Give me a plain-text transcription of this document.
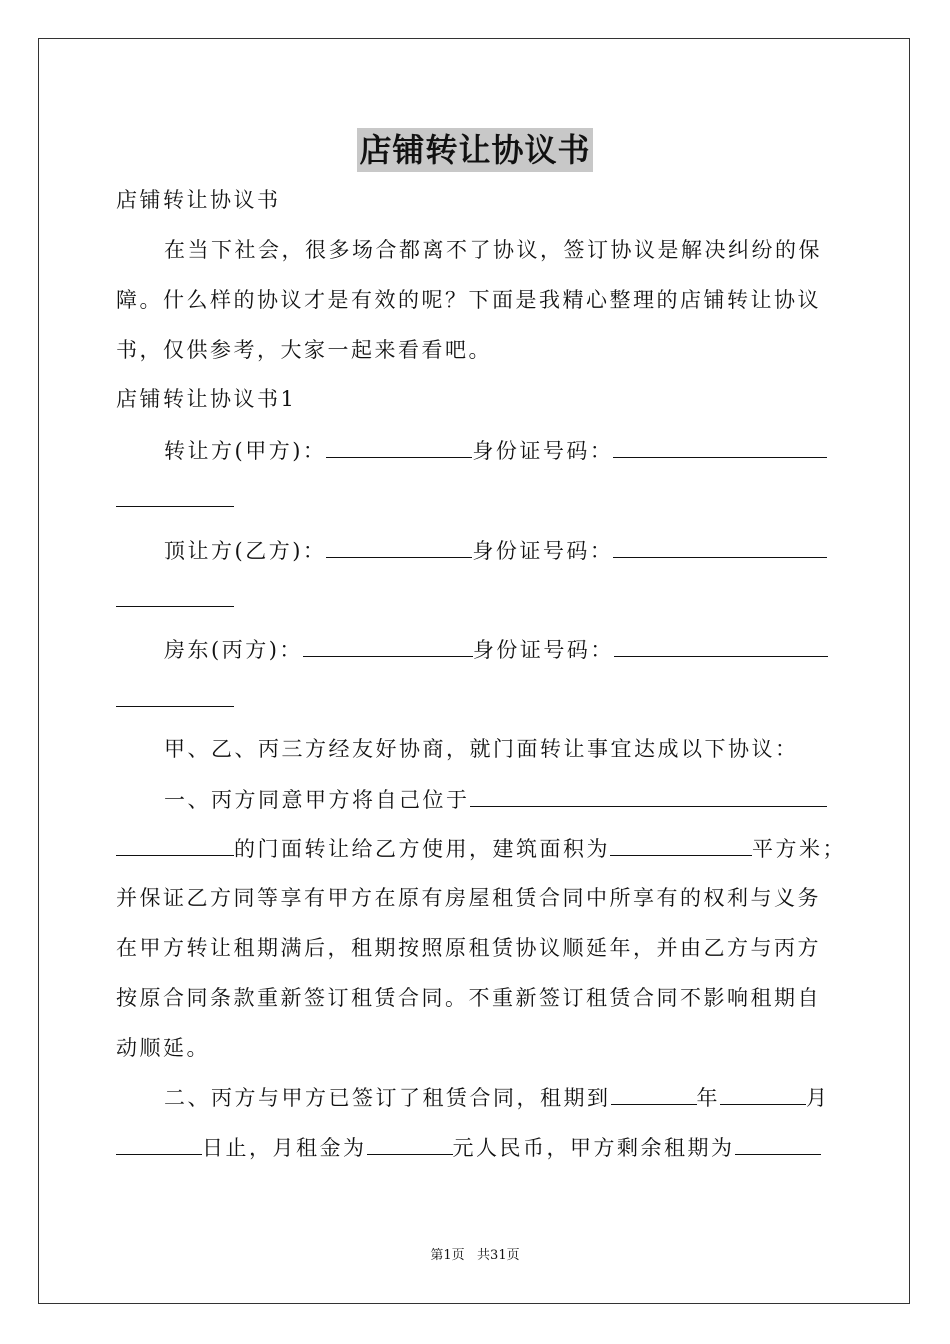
店铺转让协议书
店铺转让协议书
在当下社会，很多场合都离不了协议，签订协议是解决纠纷的保
障。什么样的协议才是有效的呢？下面是我精心整理的店铺转让协议
书，仅供参考，大家一起来看看吧。
店铺转让协议书1
转让方(甲方)：	身份证号码：
顶让方(乙方)：	身份证号码：
房东(丙方)：	身份证号码：
甲、乙、丙三方经友好协商，就门面转让事宜达成以下协议：
一、丙方同意甲方将自己位于
的门面转让给乙方使用，建筑面积为	平方米；
并保证乙方同等享有甲方在原有房屋租赁合同中所享有的权利与义务
在甲方转让租期满后，租期按照原租赁协议顺延年，并由乙方与丙方
按原合同条款重新签订租赁合同。不重新签订租赁合同不影响租期自
动顺延。
二、丙方与甲方已签订了租赁合同，租期到	年	月
日止，月租金为	元人民币，甲方剩余租期为
第1页   共31页
